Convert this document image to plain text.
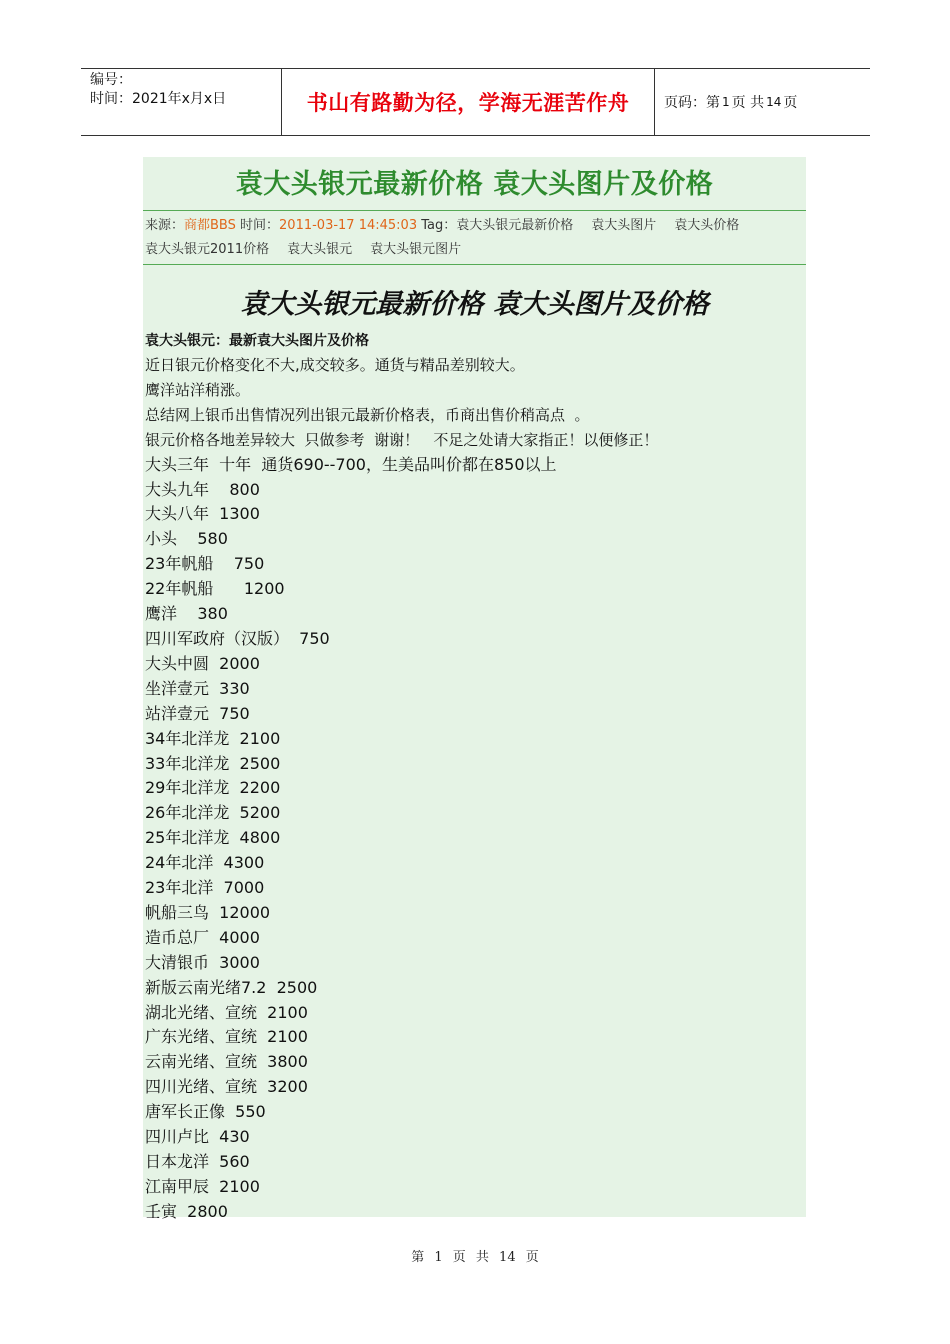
编号：
时间：2021年x月x日	书山有路勤为径，学海无涯苦作舟 页码：第 1 页 共 14 页
袁大头银元最新价格 袁大头图片及价格
来源：商都BBS 时间：2011-03-17 14:45:03 Tag：袁大头银元最新价格 袁大头图片 袁大头价格
袁大头银元2011价格 袁大头银元 袁大头银元图片
袁大头银元最新价格 袁大头图片及价格
袁大头银元：最新袁大头图片及价格
近日银元价格变化不大,成交较多。通货与精品差别较大。
鹰洋站洋稍涨。
总结网上银币出售情况列出银元最新价格表，币商出售价稍高点  。
银元价格各地差异较大  只做参考  谢谢！   不足之处请大家指正！以便修正！
大头三年  十年  通货690--700，生美品叫价都在850以上
大头九年    800
大头八年  1300
小头    580
23年帆船    750
22年帆船      1200
鹰洋    380
四川军政府（汉版）  750
大头中圆  2000
坐洋壹元  330
站洋壹元  750
34年北洋龙  2100
33年北洋龙  2500
29年北洋龙  2200
26年北洋龙  5200
25年北洋龙  4800
24年北洋  4300
23年北洋  7000
帆船三鸟  12000
造币总厂  4000
大清银币  3000
新版云南光绪7.2  2500
湖北光绪、宣统  2100
广东光绪、宣统  2100
云南光绪、宣统  3800
四川光绪、宣统  3200
唐军长正像  550
四川卢比  430
日本龙洋  560
江南甲辰  2100
壬寅  2800
第 1 页 共 14 页
